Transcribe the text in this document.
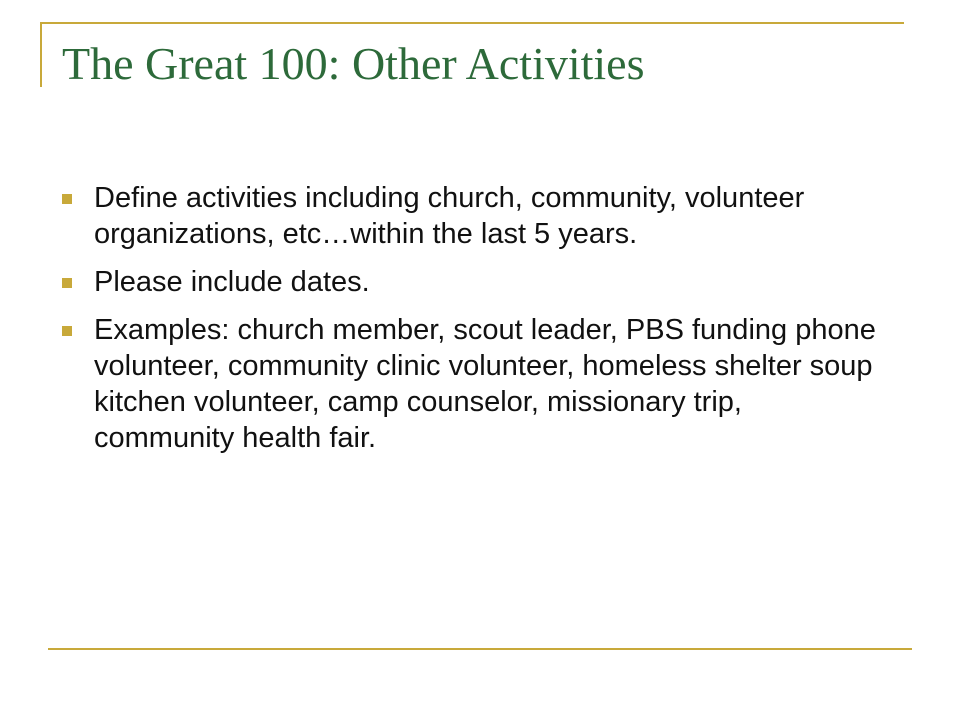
The Great 100: Other Activities
Define activities including church, community, volunteer organizations, etc…within the last 5 years.
Please include dates.
Examples: church member, scout leader, PBS funding phone volunteer, community clinic volunteer, homeless shelter soup kitchen volunteer, camp counselor, missionary trip, community health fair.
